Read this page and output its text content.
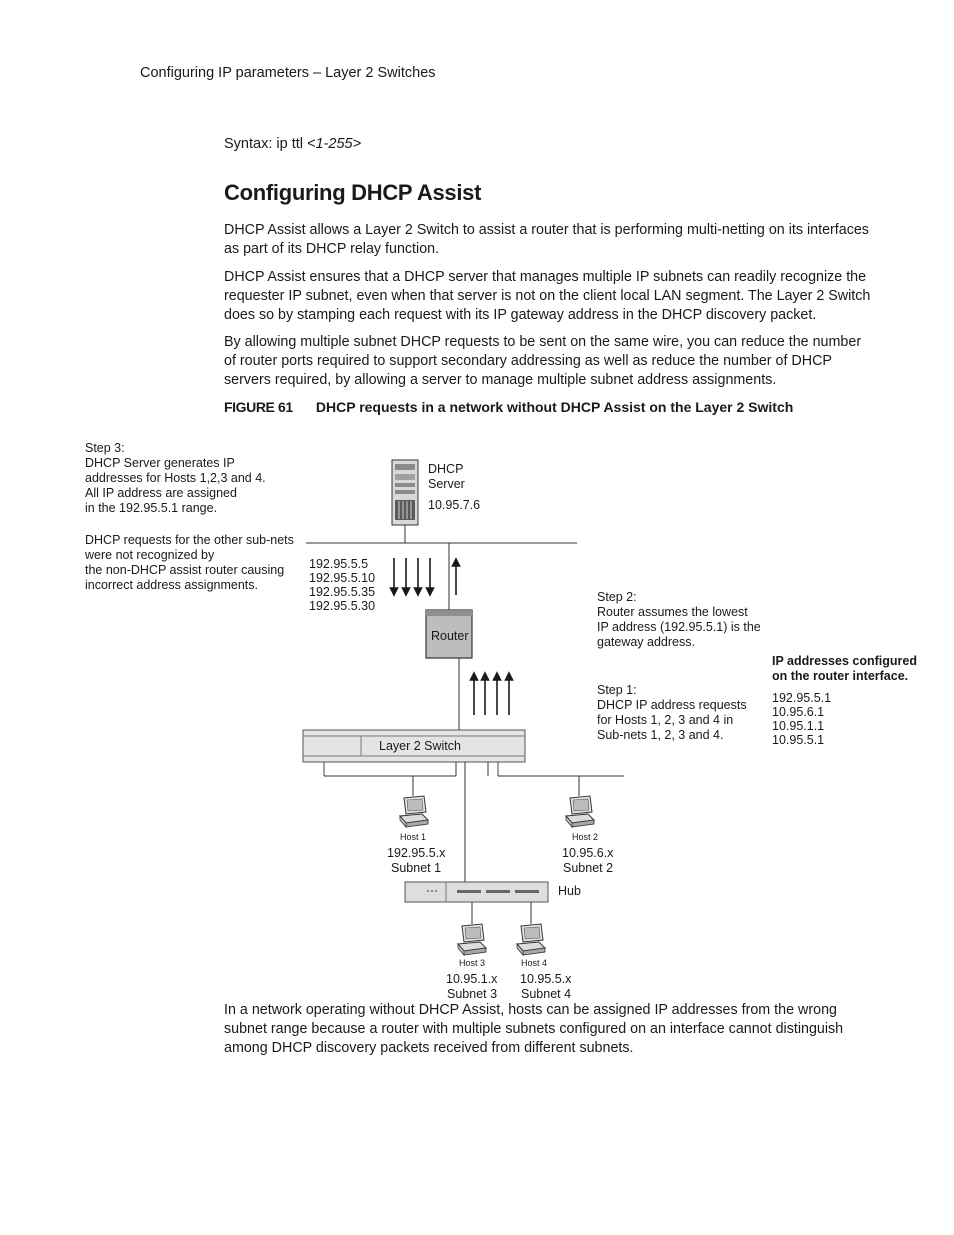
Configuring IP parameters – Layer 2 Switches
Syntax: ip ttl <1-255>
Configuring DHCP Assist

DHCP Assist allows a Layer 2 Switch to assist a router that is performing multi-netting on its interfaces as part of its DHCP relay function.

DHCP Assist ensures that a DHCP server that manages multiple IP subnets can readily recognize the requester IP subnet, even when that server is not on the client local LAN segment. The Layer 2 Switch does so by stamping each request with its IP gateway address in the DHCP discovery packet.

By allowing multiple subnet DHCP requests to be sent on the same wire, you can reduce the number of router ports required to support secondary addressing as well as reduce the number of DHCP servers required, by allowing a server to manage multiple subnet address assignments.

FIGURE 61 DHCP requests in a network without DHCP Assist on the Layer 2 Switch
Step 3:
DHCP Server generates IP
addresses for Hosts 1,2,3 and 4.
All IP address are assigned
in the 192.95.5.1 range.
DHCP requests for the other sub-nets
were not recognized by
the non-DHCP assist router causing
incorrect address assignments.
DHCP
Server
10.95.7.6
192.95.5.5
192.95.5.10
192.95.5.35
192.95.5.30
Router
Step 2:
Router assumes the lowest
IP address (192.95.5.1) is the
gateway address.
IP addresses configured
on the router interface.
192.95.5.1
10.95.6.1
10.95.1.1
10.95.5.1
Step 1:
DHCP IP address requests
for Hosts 1, 2, 3 and 4 in
Sub-nets 1, 2, 3 and 4.
Layer 2 Switch
Host 1
192.95.5.x
Subnet 1
Host 2
10.95.6.x
Subnet 2
Hub
Host 3
10.95.1.x
Subnet 3
Host 4
10.95.5.x
Subnet 4

In a network operating without DHCP Assist, hosts can be assigned IP addresses from the wrong subnet range because a router with multiple subnets configured on an interface cannot distinguish among DHCP discovery packets received from different subnets.
